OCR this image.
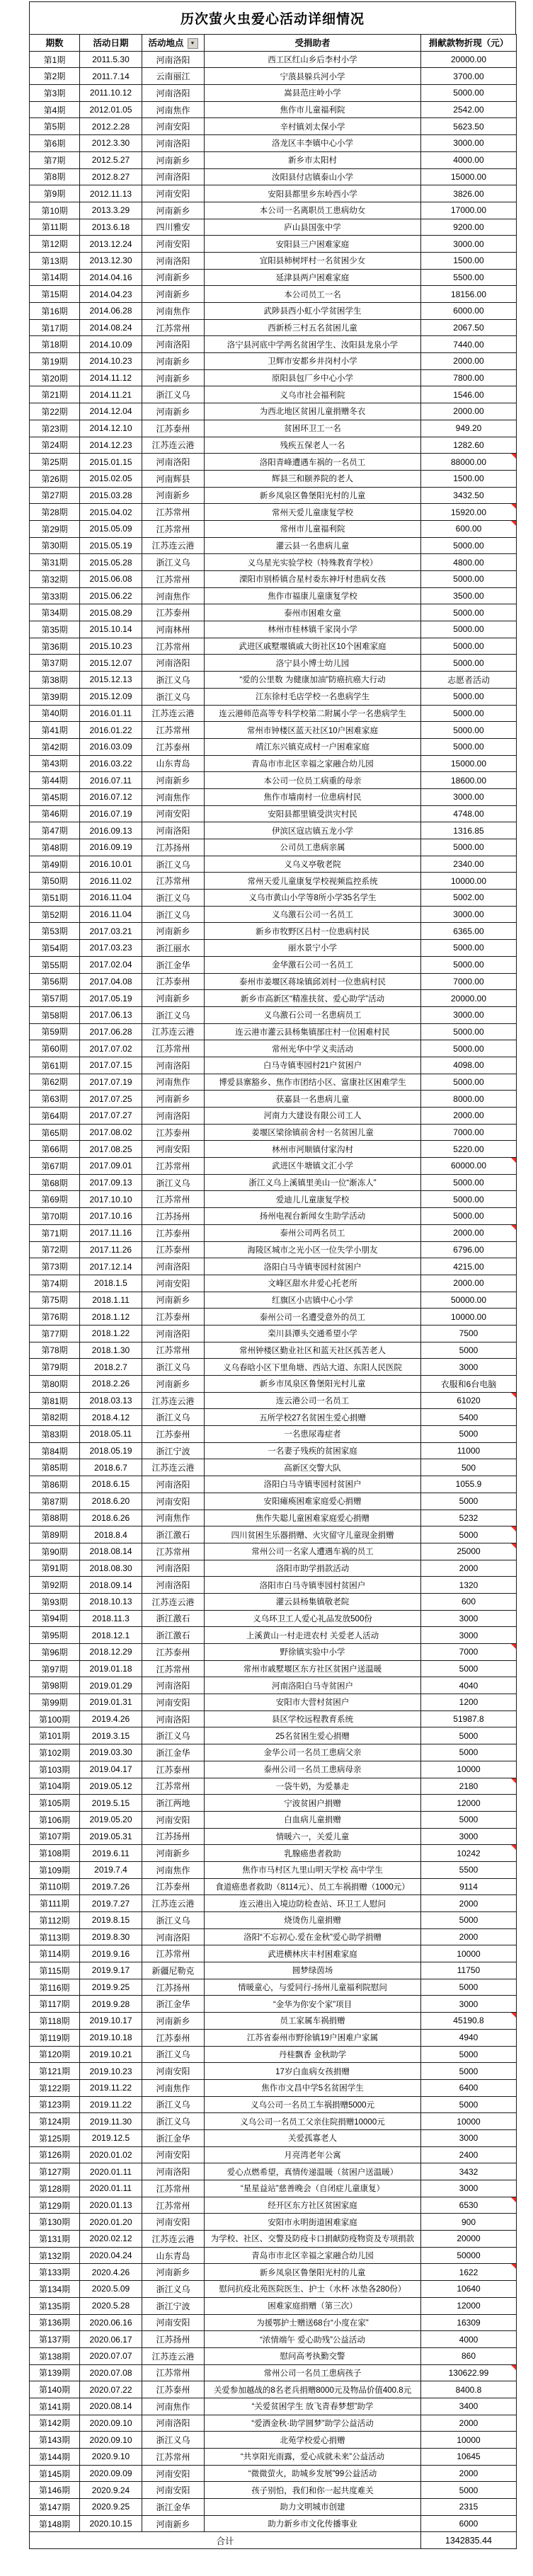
历次萤火虫爱心活动详细情况
期数	活动日期	活动地点 ▼	受捐助者	捐献款物折现（元）
第1期	2011.5.30	河南洛阳	西工区红山乡后李村小学	20000.00
第2期	2011.7.14	云南丽江	宁蒗县躲兵河小学	3700.00
第3期	2011.10.12	河南洛阳	嵩县范庄岭小学	5000.00
第4期	2012.01.05	河南焦作	焦作市儿童福利院	2542.00
第5期	2012.2.28	河南安阳	辛村镇刘太保小学	5623.50
第6期	2012.3.30	河南洛阳	洛龙区丰李镇中心小学	3000.00
第7期	2012.5.27	河南新乡	新乡市太阳村	4000.00
第8期	2012.8.27	河南洛阳	汝阳县付店镇泰山小学	15000.00
第9期	2012.11.13	河南安阳	安阳县都里乡东岭西小学	3826.00
第10期	2013.3.29	河南新乡	本公司一名离职员工患病幼女	17000.00
第11期	2013.6.18	四川雅安	庐山县国张中学	9200.00
第12期	2013.12.24	河南安阳	安阳县三户困难家庭	3000.00
第13期	2013.12.30	河南洛阳	宜阳县柿树坪村一名贫困少女	1500.00
第14期	2014.04.16	河南新乡	延津县两户困难家庭	5500.00
第15期	2014.04.23	河南新乡	本公司员工一名	18156.00
第16期	2014.06.28	河南焦作	武陟县西小虹小学贫困学生	6000.00
第17期	2014.08.24	江苏常州	西新桥三村五名贫困儿童	2067.50
第18期	2014.10.09	河南洛阳	洛宁县河底中学两名贫困学生、汝阳县龙泉小学	7440.00
第19期	2014.10.23	河南新乡	卫辉市安都乡井岗村小学	2000.00
第20期	2014.11.12	河南新乡	原阳县包厂乡中心小学	7800.00
第21期	2014.11.21	浙江义乌	义乌市社会福利院	1546.00
第22期	2014.12.04	河南新乡	为西北地区贫困儿童捐赠冬衣	2000.00
第23期	2014.12.10	江苏泰州	贫困环卫工一名	949.20
第24期	2014.12.23	江苏连云港	残疾五保老人一名	1282.60
第25期	2015.01.15	河南洛阳	洛阳青峰遭遇车祸的一名员工	88000.00

第26期	2015.02.05	河南辉县	辉县三和颐养院的老人	1500.00
第27期	2015.03.28	河南新乡	新乡凤泉区鲁堡阳光村的儿童	3432.50
第28期	2015.04.02	江苏常州	常州天爱儿童康复学校	15920.00

第29期	2015.05.09	江苏常州	常州市儿童福利院	600.00

第30期	2015.05.19	江苏连云港	灌云县一名患病儿童	5000.00
第31期	2015.05.28	浙江义乌	义乌星光实验学校（特殊教育学校）	4800.00
第32期	2015.06.08	江苏常州	溧阳市别桥镇合星村委东神圩村患病女孩	5000.00
第33期	2015.06.22	河南焦作	焦作市福康儿童康复学校	3500.00
第34期	2015.08.29	江苏泰州	泰州市困难女童	5000.00
第35期	2015.10.14	河南林州	林州市桂林镇千家岗小学	5000.00
第36期	2015.10.23	江苏常州	武进区戚墅堰镇戚大街社区10个困难家庭	5000.00
第37期	2015.12.07	河南洛阳	洛宁县小博士幼儿园	5000.00
第38期	2015.12.13	浙江义乌	“爱的公里数 为健康加油”防癌抗癌大行动	志愿者活动
第39期	2015.12.09	浙江义乌	江东徐村毛店学校一名患病学生	5000.00
第40期	2016.01.11	江苏连云港	连云港师范高等专科学校第二附属小学一名患病学生	5000.00
第41期	2016.01.22	江苏常州	常州市钟楼区蓝天社区10户困难家庭	5000.00
第42期	2016.03.09	江苏泰州	靖江东兴镇克成村一户困难家庭	5000.00
第43期	2016.03.22	山东青岛	青岛市市北区幸福之家融合幼儿园	15000.00
第44期	2016.07.11	河南新乡	本公司一位员工病重的母亲	18600.00
第45期	2016.07.12	河南焦作	焦作市墙南村一位患病村民	3000.00
第46期	2016.07.19	河南安阳	安阳县都里镇受洪灾村民	4748.00
第47期	2016.09.13	河南洛阳	伊滨区寇店镇五龙小学	1316.85
第48期	2016.09.19	江苏扬州	公司员工患病亲属	5000.00
第49期	2016.10.01	浙江义乌	义乌义亭敬老院	2340.00
第50期	2016.11.02	江苏常州	常州天爱儿童康复学校视频监控系统	10000.00
第51期	2016.11.04	浙江义乌	义乌市黄山小学等8所小学35名学生	5002.00
第52期	2016.11.04	浙江义乌	义乌激石公司一名员工	3000.00
第53期	2017.03.21	河南新乡	新乡市牧野区吕村一位患病村民	6365.00
第54期	2017.03.23	浙江丽水	丽水景宁小学	5000.00
第55期	2017.02.04	浙江金华	金华激石公司一名员工	5000.00
第56期	2017.04.08	江苏泰州	泰州市姜堰区蒋垛镇邱刘村一位患病村民	7000.00
第57期	2017.05.19	河南新乡	新乡市高新区“精准扶贫、爱心助学”活动	20000.00
第58期	2017.06.13	浙江义乌	义乌激石公司一名患病员工	3000.00
第59期	2017.06.28	江苏连云港	连云港市灌云县杨集镇郚庄村一位困难村民	5000.00
第60期	2017.07.02	江苏常州	常州光华中学义卖活动	5000.00
第61期	2017.07.15	河南洛阳	白马寺镇枣园村21户贫困户	4098.00
第62期	2017.07.19	河南焦作	博爱县寨豁乡、焦作市团结小区、富康社区困难学生	5000.00
第63期	2017.07.25	河南新乡	获嘉县一名患病儿童	8000.00
第64期	2017.07.27	河南洛阳	河南力大建设有限公司工人	2000.00
第65期	2017.08.02	江苏泰州	姜堰区梁徐镇前舍村一名贫困儿童	7000.00
第66期	2017.08.25	河南安阳	林州市河顺镇付家沟村	5220.00
第67期	2017.09.01	江苏常州	武进区牛塘镇文汇小学	60000.00

第68期	2017.09.13	浙江义乌	浙江义乌上溪镇里美山一位“渐冻人”	5000.00
第69期	2017.10.10	江苏常州	爱迪儿儿童康复学校	5000.00
第70期	2017.10.16	江苏扬州	扬州电视台新闻女生助学活动	5000.00
第71期	2017.11.16	江苏泰州	泰州公司两名员工	2000.00

第72期	2017.11.26	江苏泰州	海陵区城市之光小区一位失学小朋友	6796.00
第73期	2017.12.14	河南洛阳	洛阳白马寺镇枣园村贫困户	4215.00
第74期	2018.1.5	河南安阳	文峰区甜水井爱心托老所	2000.00
第75期	2018.1.11	河南新乡	红旗区小店镇中心小学	50000.00
第76期	2018.1.12	江苏泰州	泰州公司一名遭受意外的员工	10000.00
第77期	2018.1.22	河南洛阳	栾川县潭头交通希望小学	7500
第78期	2018.1.30	江苏常州	常州钟楼区勤业社区和蓝天社区孤苦老人	5000
第79期	2018.2.7	浙江义乌	义乌春晗小区下里角塘、西站大道、东阳人民医院	3000
第80期	2018.2.26	河南新乡	新乡市凤泉区鲁堡阳光村儿童	衣服和6台电脑
第81期	2018.03.13	江苏连云港	连云港公司一名员工	61020

第82期	2018.4.12	浙江义乌	五所学校27名贫困生爱心捐赠	5400
第83期	2018.05.11	江苏泰州	一名患尿毒症者	5000
第84期	2018.05.19	浙江宁波	一名妻子残疾的贫困家庭	11000
第85期	2018.6.7	江苏连云港	高新区交警大队	500
第86期	2018.6.15	河南洛阳	洛阳白马寺镇枣园村贫困户	1055.9
第87期	2018.6.20	河南安阳	安阳瘫痪困难家庭爱心捐赠	5000
第88期	2018.6.26	河南焦作	焦作失聪儿童困难家庭爱心捐赠	5232
第89期	2018.8.4	浙江激石	四川贫困生乐器捐赠、火灾留守儿童现金捐赠	5000

第90期	2018.08.14	江苏常州	常州公司一名家人遭遇车祸的员工	25000

第91期	2018.08.30	河南洛阳	洛阳市助学捐款活动	2000
第92期	2018.09.14	河南洛阳	洛阳市白马寺镇枣园村贫困户	1320
第93期	2018.10.13	江苏连云港	灌云县杨集镇敬老院	600
第94期	2018.11.3	浙江激石	义乌环卫工人爱心礼品发放500份	3000
第95期	2018.12.1	浙江激石	上溪黄山一村走进农村 关爱老人活动	3000
第96期	2018.12.29	江苏泰州	野徐镇实验中小学	7000

第97期	2019.01.18	江苏常州	常州市戚墅堰区东方社区贫困户送温暖	5000
第98期	2019.01.29	河南洛阳	河南洛阳白马寺贫困户	4040
第99期	2019.01.31	河南安阳	安阳市大营村贫困户	1200
第100期	2019.4.26	河南洛阳	县区学校远程教育系统	51987.8
第101期	2019.3.15	浙江义乌	25名贫困生爱心捐赠	5000
第102期	2019.03.30	浙江金华	金华公司一名员工患病父亲	5000
第103期	2019.04.17	江苏泰州	泰州公司一名员工患病母亲	10000
第104期	2019.05.12	江苏常州	一袋牛奶，为爱暴走	2180

第105期	2019.5.15	浙江两地	宁波贫困户捐赠	12000
第106期	2019.05.20	河南安阳	白血病儿童捐赠	5000
第107期	2019.05.31	江苏扬州	情暖六一，关爱儿童	3000
第108期	2019.6.11	河南新乡	乳腺癌患者救助	10242

第109期	2019.7.4	河南焦作	焦作市马村区九里山明天学校 高中学生	5500
第110期	2019.7.26	江苏泰州	食道癌患者救助（8114元）、员工车祸捐赠（1000元）	9114
第111期	2019.7.27	江苏连云港	连云港出入境边防检查站、环卫工人慰问	2000
第112期	2019.8.15	浙江义乌	烧烫伤儿童捐赠	5000
第113期	2019.8.30	河南洛阳	洛阳“不忘初心.爱在金秋”爱心助学捐赠	2000
第114期	2019.9.16	江苏常州	武进横林庆丰村困难家庭	10000
第115期	2019.9.17	新疆尼勒克	圆梦绿茵场	11750
第116期	2019.9.25	江苏扬州	情暖童心，与爱同行-扬州儿童福利院慰问	5000
第117期	2019.9.28	浙江金华	“金华为你安个家”项目	3000
第118期	2019.10.17	河南新乡	员工家属车祸捐赠	45190.8

第119期	2019.10.18	江苏泰州	江苏省泰州市野徐镇19户困难户家属	4940
第120期	2019.10.21	浙江义乌	丹桂飘香 金秋助学	5000
第121期	2019.10.23	河南安阳	17岁白血病女孩捐赠	5000
第122期	2019.11.22	河南焦作	焦作市文昌中学5名贫困学生	6400
第123期	2019.11.22	浙江义乌	义乌公司一名员工车祸捐赠5000元	5000
第124期	2019.11.30	浙江义乌	义乌公司一名员工父亲住院捐赠10000元	10000
第125期	2019.12.5	浙江金华	关爱孤寡老人	3000
第126期	2020.01.02	河南安阳	月亮湾老年公寓	2400
第127期	2020.01.11	河南洛阳	爱心点燃希望，真情传递温暖（贫困户送温暖）	3432
第128期	2020.01.11	江苏常州	“星星益站”慈善晚会（自闭症儿童康复）	3000
第129期	2020.01.13	江苏常州	经开区东方社区贫困家庭	6530

第130期	2020.01.20	河南安阳	安阳市永明街道困难家庭	900
第131期	2020.02.12	江苏连云港	为学校、社区、交警及防疫卡口捐献防疫物资及专项捐款	20000
第132期	2020.04.24	山东青岛	青岛市市北区幸福之家融合幼儿园	50000
第133期	2020.4.26	河南新乡	新乡凤泉区鲁堡阳光村的儿童	1622

第134期	2020.5.09	浙江义乌	慰问抗疫北苑医院医生、护士（水杯 冰垫各280份）	10640
第135期	2020.5.28	浙江宁波	困难家庭捐赠（第三次）	12000
第136期	2020.06.16	河南安阳	为援鄂护士赠送68台“小度在家”	16309
第137期	2020.06.17	江苏扬州	“浓情端午 爱心助残”公益活动	4000
第138期	2020.07.07	江苏连云港	慰问高考执勤交警	860
第139期	2020.07.08	江苏常州	常州公司一名员工患病孩子	130622.99

第140期	2020.07.22	江苏泰州	关爱参加越战的8名老兵捐赠8000元及物品价值400.8元	8400.8
第141期	2020.08.14	河南焦作	“关爱贫困学生 放飞青春梦想”助学	3400
第142期	2020.09.10	河南洛阳	“爱洒金秋·助学圆梦”助学公益活动	2000
第143期	2020.09.10	浙江义乌	北苑学校爱心捐赠	10000
第144期	2020.9.10	江苏常州	“共享阳光雨露，爱心成就未来”公益活动	10645
第145期	2020.09.09	河南安阳	“微微萤火，助城乡发展”99公益活动	2000
第146期	2020.9.24	河南安阳	孩子别怕，我们和你一起共度难关	5000
第147期	2020.9.25	浙江金华	助力文明城市创建	2315
第148期	2020.10.15	河南新乡	助力新乡市文化传播事业	6000
合计				1342835.44
